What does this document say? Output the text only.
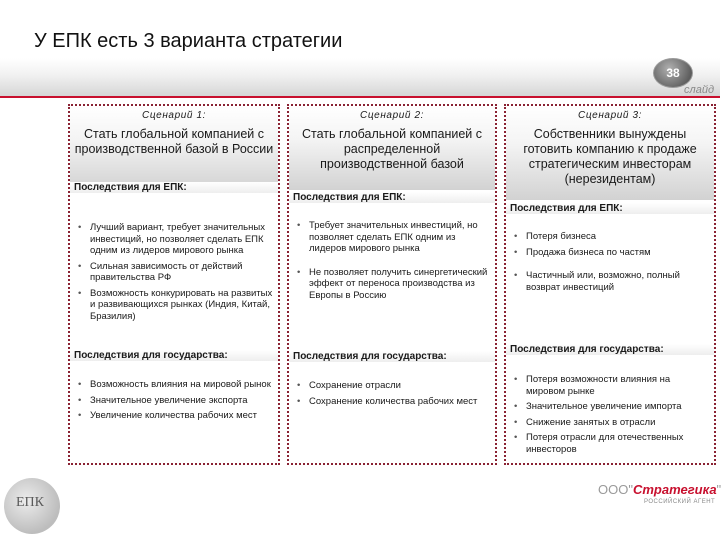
У ЕПК есть 3 варианта стратегии
38
слайд
Сценарий 1:
Стать глобальной компанией с производственной базой в России
Последствия для ЕПК:
• Лучший вариант, требует значительных инвестиций, но позволяет сделать ЕПК одним из лидеров мирового рынка
• Сильная зависимость от действий правительства РФ
• Возможность конкурировать на развитых и развивающихся рынках (Индия, Китай, Бразилия)
Последствия для государства:
• Возможность влияния на мировой рынок
• Значительное увеличение экспорта
• Увеличение количества рабочих мест
Сценарий 2:
Стать глобальной компанией с распределенной производственной базой
Последствия для ЕПК:
• Требует значительных инвестиций, но позволяет сделать ЕПК одним из лидеров мирового рынка
• Не позволяет получить синергетический эффект от переноса производства из Европы в Россию
Последствия для государства:
• Сохранение отрасли
• Сохранение количества рабочих мест
Сценарий 3:
Собственники вынуждены готовить компанию к продаже стратегическим инвесторам (нерезидентам)
Последствия для ЕПК:
• Потеря бизнеса
• Продажа бизнеса по частям
• Частичный или, возможно, полный возврат инвестиций
Последствия для государства:
• Потеря возможности влияния на мировом рынке
• Значительное увеличение импорта
• Снижение занятых в отрасли
• Потеря отрасли для отечественных инвесторов
ЕПК
ООО"Стратегика"
РОССИЙСКИЙ АГЕНТ
